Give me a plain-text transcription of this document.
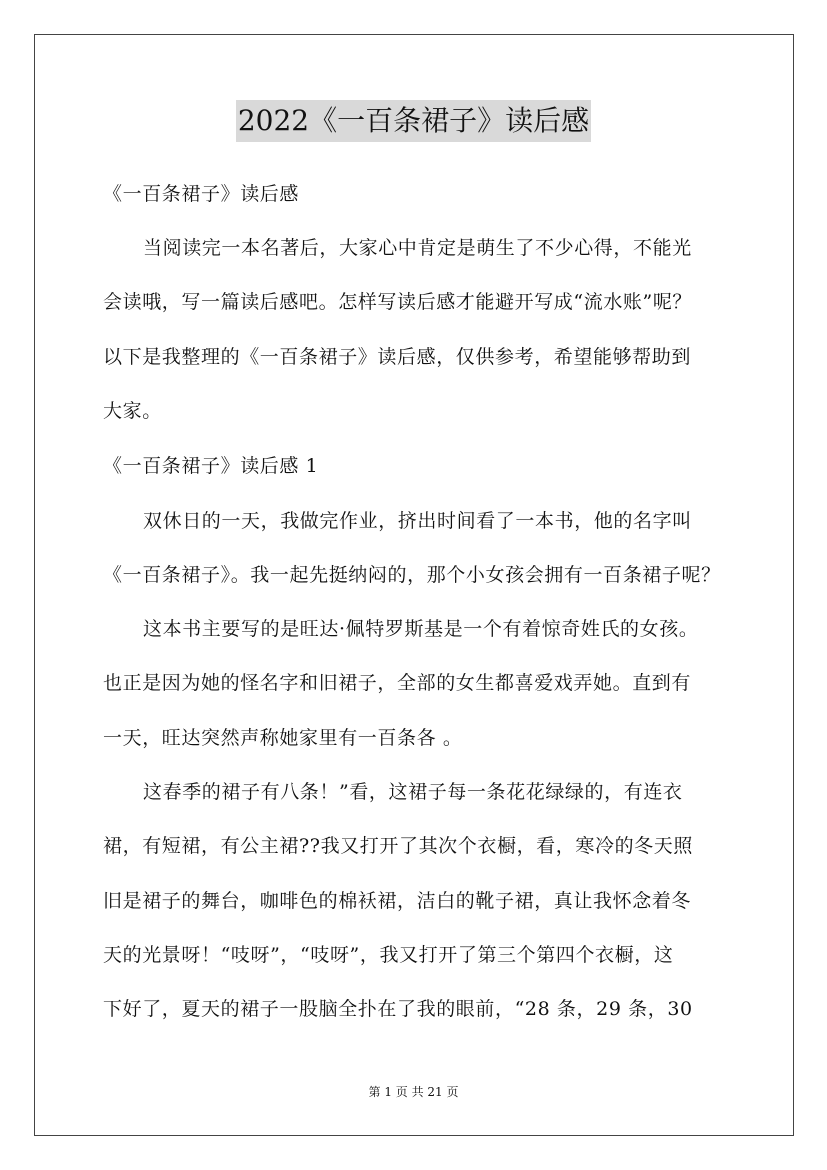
2022《一百条裙子》读后感
《一百条裙子》读后感
当阅读完一本名著后，大家心中肯定是萌生了不少心得，不能光
会读哦，写一篇读后感吧。怎样写读后感才能避开写成“流水账”呢？
以下是我整理的《一百条裙子》读后感，仅供参考，希望能够帮助到
大家。
《一百条裙子》读后感 1
双休日的一天，我做完作业，挤出时间看了一本书，他的名字叫
《一百条裙子》。我一起先挺纳闷的，那个小女孩会拥有一百条裙子呢？
这本书主要写的是旺达·佩特罗斯基是一个有着惊奇姓氏的女孩。
也正是因为她的怪名字和旧裙子，全部的女生都喜爱戏弄她。直到有
一天，旺达突然声称她家里有一百条各 。
这春季的裙子有八条！”看，这裙子每一条花花绿绿的，有连衣
裙，有短裙，有公主裙??我又打开了其次个衣橱，看，寒冷的冬天照
旧是裙子的舞台，咖啡色的棉袄裙，洁白的靴子裙，真让我怀念着冬
天的光景呀！“吱呀”，“吱呀”，我又打开了第三个第四个衣橱，这
下好了，夏天的裙子一股脑全扑在了我的眼前，“28 条，29 条，30
第 1 页 共 21 页
